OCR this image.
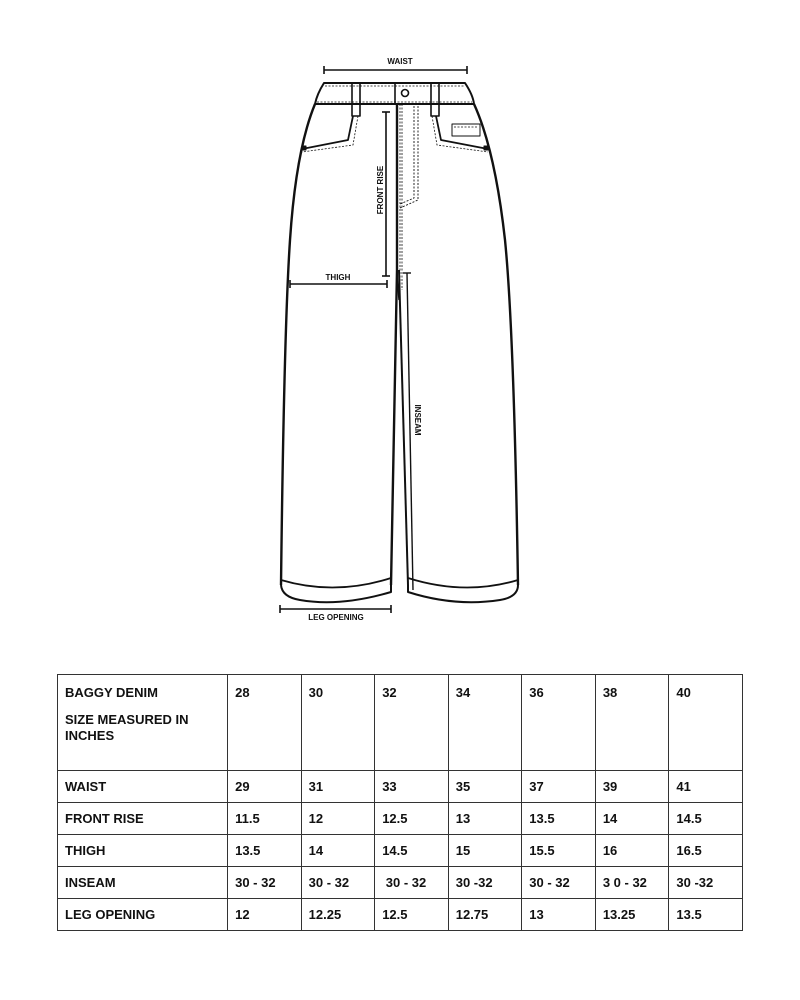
WAIST
FRONT RISE
THIGH
INSEAM
LEG OPENING
BAGGY DENIM
SIZE MEASURED IN INCHES	28	30	32	34	36	38	40
WAIST	29	31	33	35	37	39	41
FRONT RISE	11.5	12	12.5	13	13.5	14	14.5
THIGH	13.5	14	14.5	15	15.5	16	16.5
INSEAM	30 - 32	30 - 32	30 - 32	30 -32	30 - 32	3 0 - 32	30 -32
LEG OPENING	12	12.25	12.5	12.75	13	13.25	13.5
